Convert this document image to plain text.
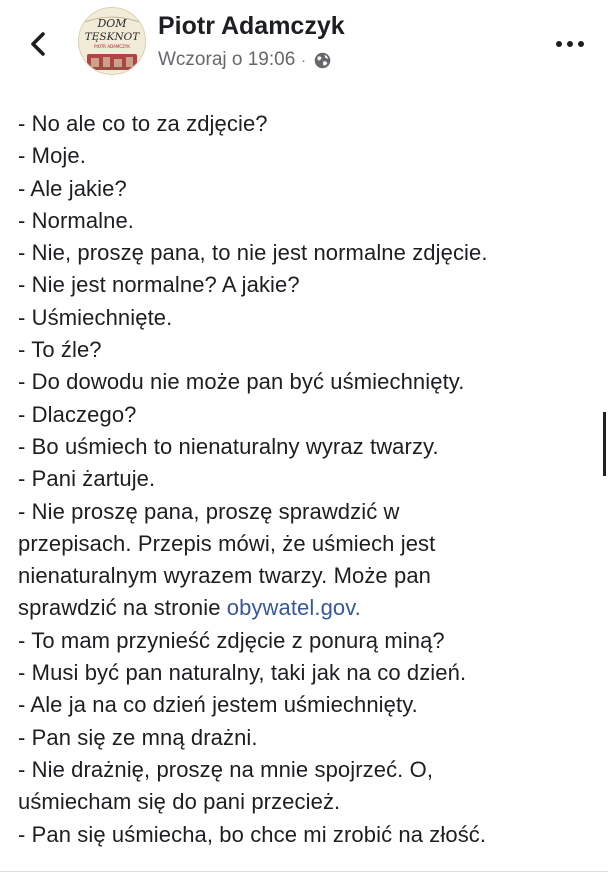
DOM
TĘSKNOT
PIOTR ADAMCZYK
Piotr Adamczyk
Wczoraj o 19:06 ·
- No ale co to za zdjęcie?
- Moje.
- Ale jakie?
- Normalne.
- Nie, proszę pana, to nie jest normalne zdjęcie.
- Nie jest normalne? A jakie?
- Uśmiechnięte.
- To źle?
- Do dowodu nie może pan być uśmiechnięty.
- Dlaczego?
- Bo uśmiech to nienaturalny wyraz twarzy.
- Pani żartuje.
- Nie proszę pana, proszę sprawdzić w
przepisach. Przepis mówi, że uśmiech jest
nienaturalnym wyrazem twarzy. Może pan
sprawdzić na stronie obywatel.gov.
- To mam przynieść zdjęcie z ponurą miną?
- Musi być pan naturalny, taki jak na co dzień.
- Ale ja na co dzień jestem uśmiechnięty.
- Pan się ze mną drażni.
- Nie drażnię, proszę na mnie spojrzeć. O,
uśmiecham się do pani przecież.
- Pan się uśmiecha, bo chce mi zrobić na złość.
